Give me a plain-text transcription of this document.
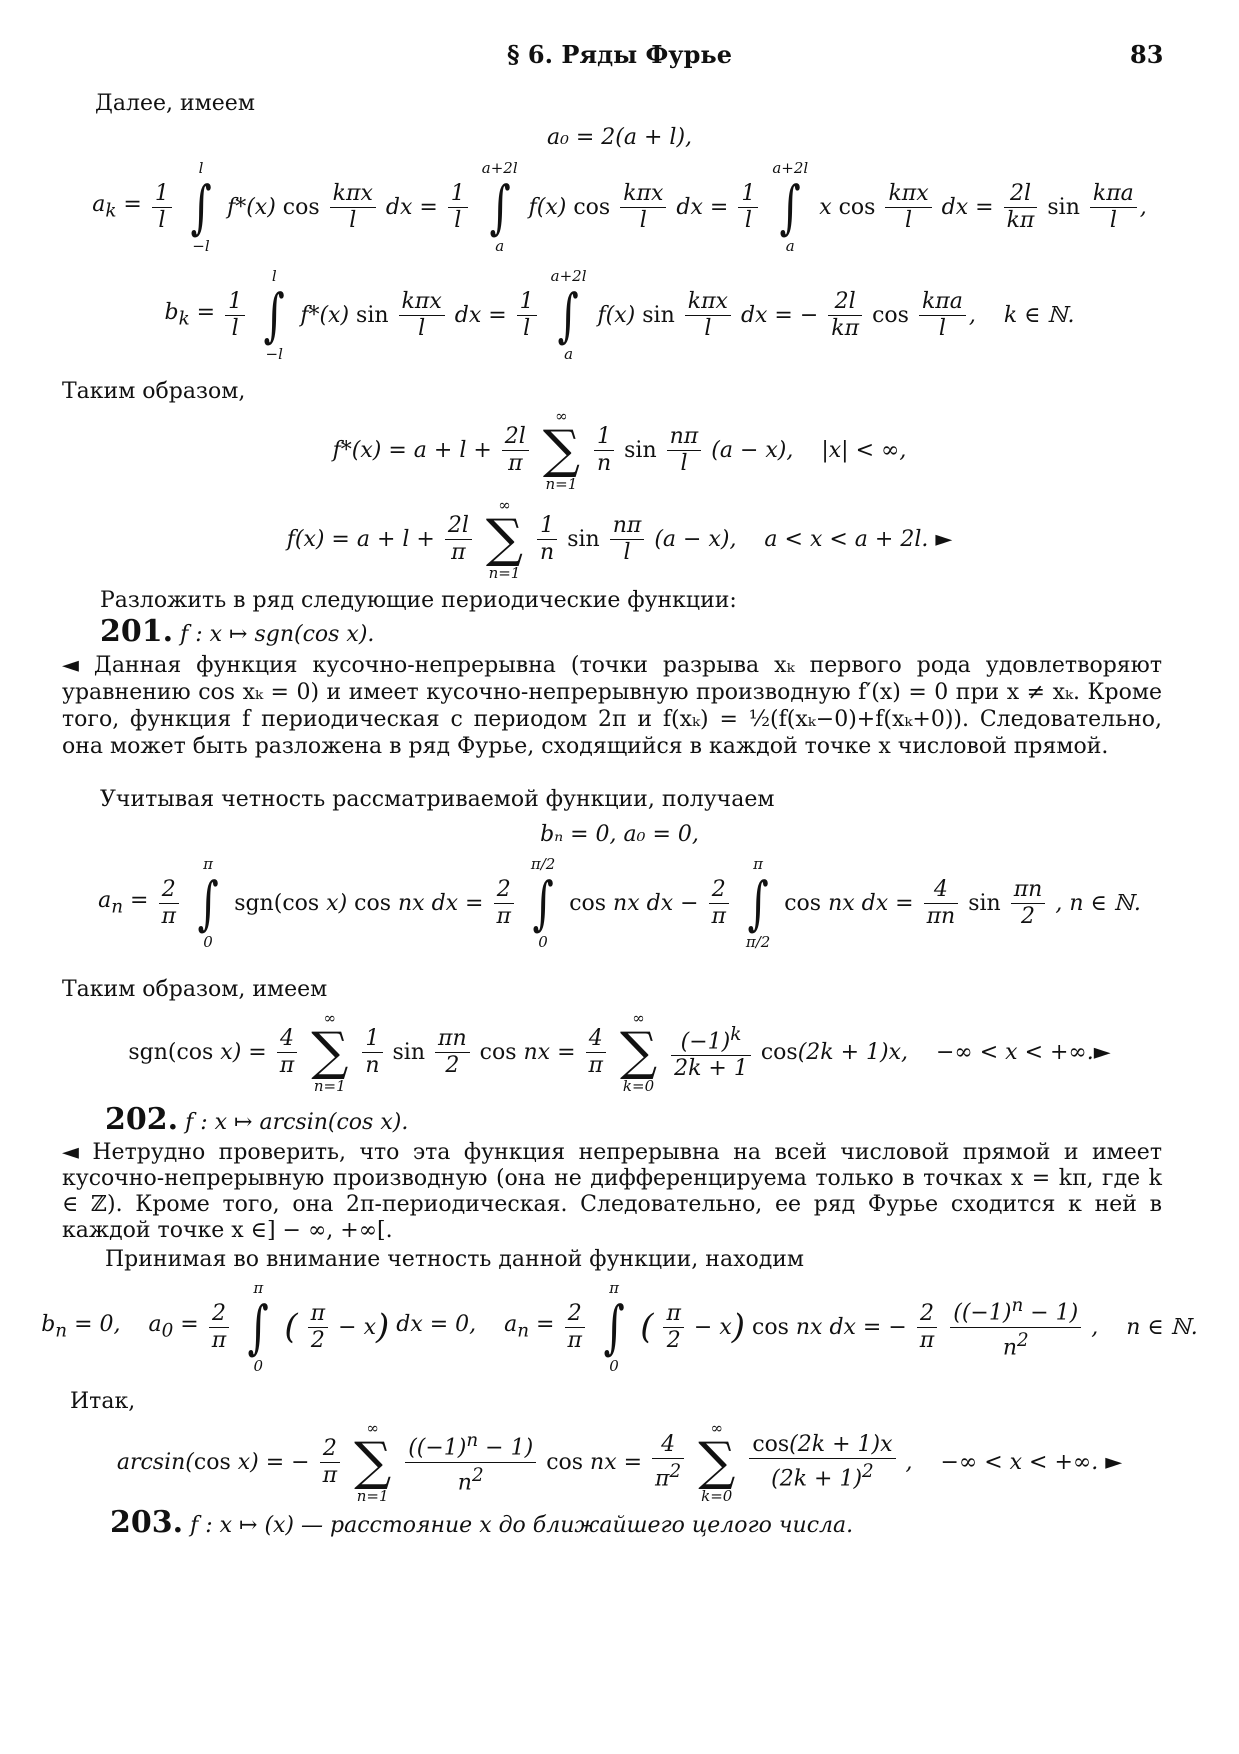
§ 6. Ряды Фурье	83
Далее, имеем
a₀ = 2(a + l),
$a_k = \frac{1}{l}$

l
∫
−l
f*(x) $\cos \frac{\text{kπx}}{l}$ dx = $\frac{1}{l}$

a+2l
∫
a
f(x) $\cos \frac{\text{kπx}}{l}$ dx = $\frac{1}{l}$

a+2l
∫
a
x $\cos \frac{\text{kπx}}{l}$ dx = $\frac{2l}{k\pi}$ $\sin \frac{\text{kπa}}{l}$ ,
$b_k = \frac{1}{l}$

l
∫
−l
f*(x) $\sin \frac{\text{kπx}}{l}$ dx = $\frac{1}{l}$

a+2l
∫
a
f(x) $\sin \frac{\text{kπx}}{l}$ dx = − $\frac{2l}{k\pi}$ $\cos \frac{\text{kπa}}{l}$ ,    k ∈ ℕ.
Таким образом,
$f*(x) = a + l + \frac{2l}{\pi}$

∞
∑
n=1

$\frac{1}{n}$ $\sin \frac{n\pi}{l} (a - x)$,    |x| < ∞,
$f(x) = a + l + \frac{2l}{\pi}$

∞
∑
n=1

$\frac{1}{n}$ $\sin \frac{n\pi}{l} (a - x)$,    a < x < a + 2l. ►
Разложить в ряд следующие периодические функции:
201. f : x ↦ sgn(cos x).
◄ Данная функция кусочно-непрерывна (точки разрыва xₖ первого рода удовлетворяют уравнению cos xₖ = 0) и имеет кусочно-непрерывную производную f′(x) = 0 при x ≠ xₖ. Кроме того, функция f периодическая с периодом 2π и f(xₖ) = ½(f(xₖ−0)+f(xₖ+0)). Следовательно, она может быть разложена в ряд Фурье, сходящийся в каждой точке x числовой прямой.
Учитывая четность рассматриваемой функции, получаем
bₙ = 0, a₀ = 0,
$a_n = \frac{2}{\pi}$

π
∫
0
sgn(cos x) cos nx dx = $\frac{2}{\pi}$

π/2
∫
0
cos nx dx − $\frac{2}{\pi}$

π
∫
π/2
cos nx dx = $\frac{4}{\pi n}$ $\sin \frac{\pi n}{2}$ , n ∈ ℕ.
Таким образом, имеем
sgn(cos $x) = \frac{4}{\pi}$

∞
∑
n=1

$\frac{1}{n}$ $\sin \frac{\pi n}{2}$ cos nx = $\frac{4}{\pi}$

∞
∑
k=0

$\frac{(-1)^k}{2k + 1} \cos(2k + 1)x$,    −∞ < x < +∞.►
202. f : x ↦ arcsin(cos x).
◄ Нетрудно проверить, что эта функция непрерывна на всей числовой прямой и имеет кусочно-непрерывную производную (она не дифференцируема только в точках x = kπ, где k ∈ ℤ). Кроме того, она 2π-периодическая. Следовательно, ее ряд Фурье сходится к ней в каждой точке x ∈] − ∞, +∞[.
Принимая во внимание четность данной функции, находим
$b_n = 0$,    $a_0 = \frac{2}{\pi}$

π
∫
0
( $\frac{\pi}{2} - x$) dx = 0,    $a_n = \frac{2}{\pi}$

π
∫
0
( $\frac{\pi}{2} - x$) cos nx dx = − $\frac{2}{\pi}$
$\frac{((-1)^n - 1)}{n^2}$ ,    n ∈ ℕ.
Итак,
arcsin(cos x) = − $\frac{2}{\pi}$

∞
∑
n=1

$\frac{((-1)^n - 1)}{n^2}$ cos nx = $\frac{4}{\pi^2}$

∞
∑
k=0

$\frac{\cos(2k + 1)x}{(2k + 1)^2}$ ,    −∞ < x < +∞. ►
203. f : x ↦ (x) — расстояние x до ближайшего целого числа.
